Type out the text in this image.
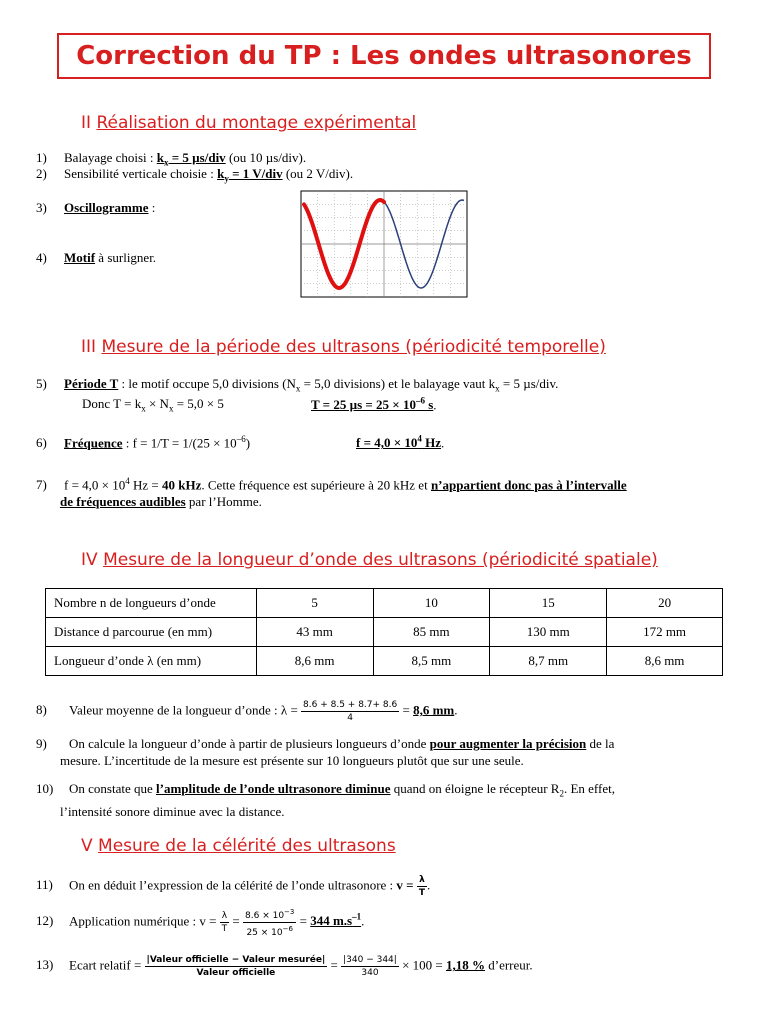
Correction du TP : Les ondes ultrasonores
II Réalisation du montage expérimental
1) Balayage choisi : $k_x = 5$ µs/div (ou 10 µs/div).
2) Sensibilité verticale choisie : $k_y = 1$ V/div (ou 2 V/div).
3) Oscillogramme :
4) Motif à surligner.
III Mesure de la période des ultrasons (périodicité temporelle)
5) Période T : le motif occupe 5,0 divisions ($N_x = 5,0$ divisions) et le balayage vaut $k_x = 5$ µs/div.
Donc $T = k_x \times N_x = 5,0 \times 5$	T = 25 $\mu s = 25 \times 10^{-6}$ s.
6) Fréquence : $f = 1/T = 1/(25 \times 10^{-6})$	$f = 4,0 \times 10^4$ Hz.
7) $f = 4,0 \times 10^4$ Hz = 40 kHz. Cette fréquence est supérieure à 20 kHz et n’appartient donc pas à l’intervalle
de fréquences audibles par l’Homme.
IV Mesure de la longueur d’onde des ultrasons (périodicité spatiale)
Nombre n de longueurs d’onde	5	10	15	20
Distance d parcourue (en mm)	43 mm	85 mm	130 mm	172 mm
Longueur d’onde λ (en mm)	8,6 mm	8,5 mm	8,7 mm	8,6 mm
8) Valeur moyenne de la longueur d’onde : $\lambda = \frac{8.6 + 8.5 + 8.7+ 8.6}{4} = 8,6$ mm.
9) On calcule la longueur d’onde à partir de plusieurs longueurs d’onde pour augmenter la précision de la
mesure. L’incertitude de la mesure est présente sur 10 longueurs plutôt que sur une seule.
10) On constate que l’amplitude de l’onde ultrasonore diminue quand on éloigne le récepteur $R_2$. En effet,
l’intensité sonore diminue avec la distance.
V Mesure de la célérité des ultrasons
11) On en déduit l’expression de la célérité de l’onde ultrasonore : $v = \frac{\lambda}{T}$ .
12) Application numérique : $v = \frac{\lambda}{T} = \frac{8.6 \times 10^{-3}}{25 \times 10^{-6}} = 344$ $m.s^{-1}$.
13) Ecart relatif = $\frac{\text{|Valeur officielle − Valeur mesurée|}}{\text{Valeur officielle}} = \frac{|340 - 344|}{340} \times 100 = 1,18$ % d’erreur.
